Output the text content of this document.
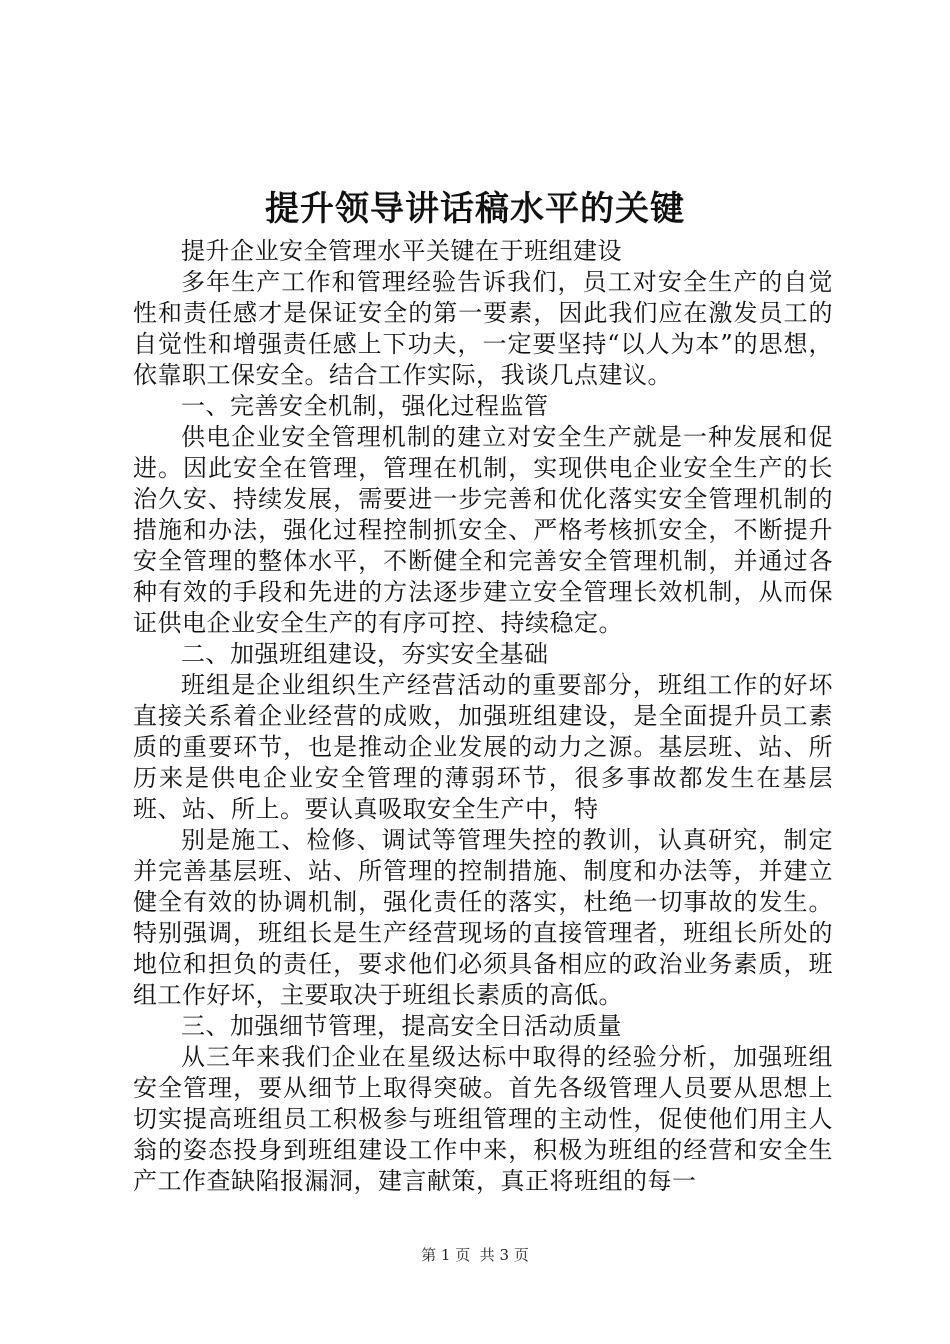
提升领导讲话稿水平的关键

提升企业安全管理水平关键在于班组建设

多年生产工作和管理经验告诉我们，员工对安全生产的自觉性和责任感才是保证安全的第一要素，因此我们应在激发员工的自觉性和增强责任感上下功夫，一定要坚持“以人为本”的思想，依靠职工保安全。结合工作实际，我谈几点建议。

一、完善安全机制，强化过程监管

供电企业安全管理机制的建立对安全生产就是一种发展和促进。因此安全在管理，管理在机制，实现供电企业安全生产的长治久安、持续发展，需要进一步完善和优化落实安全管理机制的措施和办法，强化过程控制抓安全、严格考核抓安全，不断提升安全管理的整体水平，不断健全和完善安全管理机制，并通过各种有效的手段和先进的方法逐步建立安全管理长效机制，从而保证供电企业安全生产的有序可控、持续稳定。

二、加强班组建设，夯实安全基础

班组是企业组织生产经营活动的重要部分，班组工作的好坏直接关系着企业经营的成败，加强班组建设，是全面提升员工素质的重要环节，也是推动企业发展的动力之源。基层班、站、所历来是供电企业安全管理的薄弱环节，很多事故都发生在基层班、站、所上。要认真吸取安全生产中，特

别是施工、检修、调试等管理失控的教训，认真研究，制定并完善基层班、站、所管理的控制措施、制度和办法等，并建立健全有效的协调机制，强化责任的落实，杜绝一切事故的发生。特别强调，班组长是生产经营现场的直接管理者，班组长所处的地位和担负的责任，要求他们必须具备相应的政治业务素质，班组工作好坏，主要取决于班组长素质的高低。

三、加强细节管理，提高安全日活动质量

从三年来我们企业在星级达标中取得的经验分析，加强班组安全管理，要从细节上取得突破。首先各级管理人员要从思想上切实提高班组员工积极参与班组管理的主动性，促使他们用主人翁的姿态投身到班组建设工作中来，积极为班组的经营和安全生产工作查缺陷报漏洞，建言献策，真正将班组的每一

第 1 页 共 3 页
